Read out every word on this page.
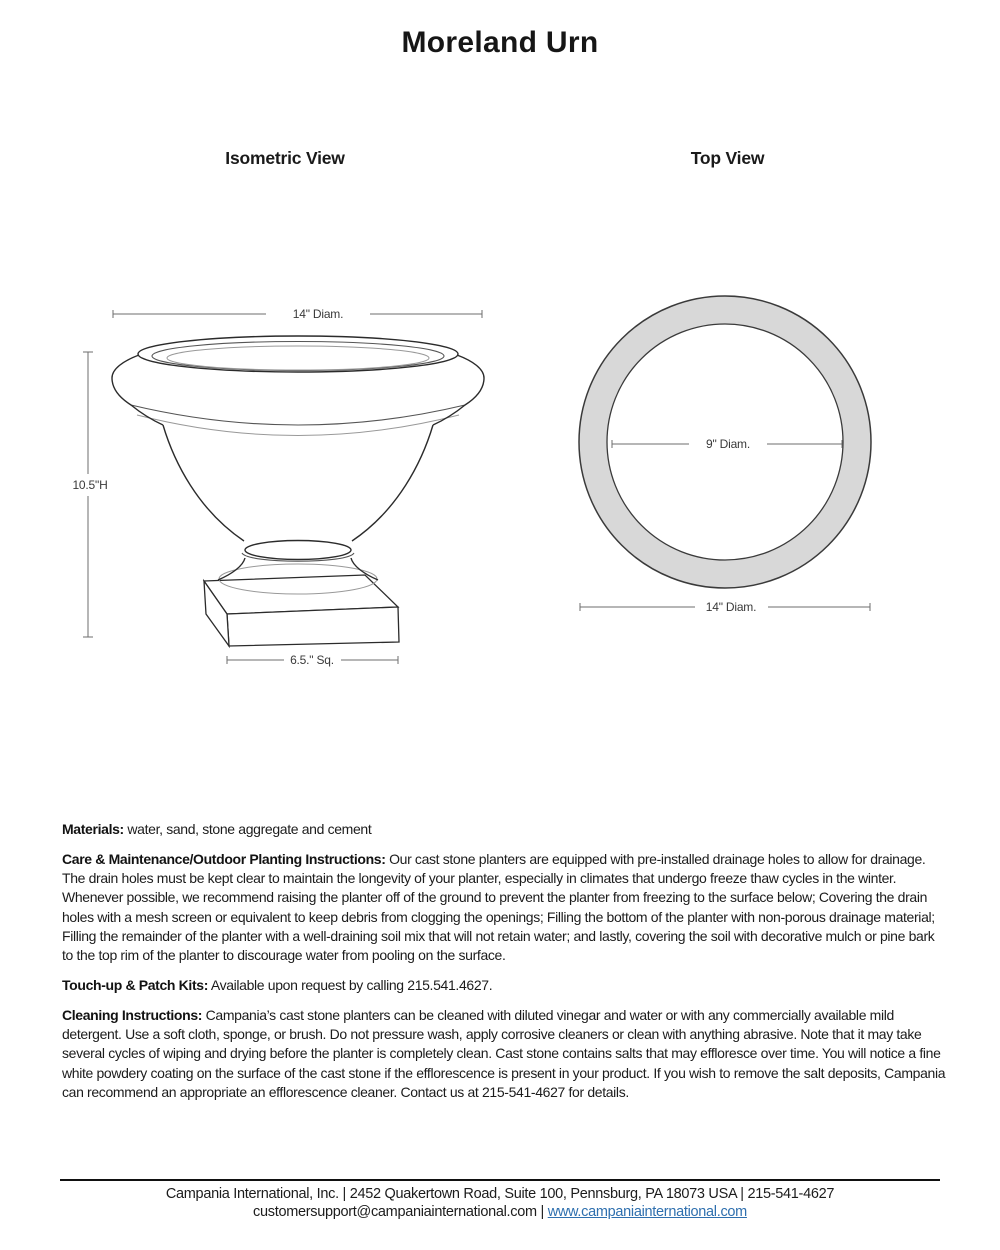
Moreland Urn
Isometric View	Top View
14" Diam.
10.5"H
6.5." Sq.
9" Diam.
14" Diam.

Materials: water, sand, stone aggregate and cement

Care & Maintenance/Outdoor Planting Instructions: Our cast stone planters are equipped with pre-installed drainage holes to allow for drainage. The drain holes must be kept clear to maintain the longevity of your planter, especially in climates that undergo freeze thaw cycles in the winter. Whenever possible, we recommend raising the planter off of the ground to prevent the planter from freezing to the surface below; Covering the drain holes with a mesh screen or equivalent to keep debris from clogging the openings; Filling the bottom of the planter with non-porous drainage material; Filling the remainder of the planter with a well-draining soil mix that will not retain water; and lastly, covering the soil with decorative mulch or pine bark to the top rim of the planter to discourage water from pooling on the surface.

Touch-up & Patch Kits: Available upon request by calling 215.541.4627.

Cleaning Instructions: Campania’s cast stone planters can be cleaned with diluted vinegar and water or with any commercially available mild detergent. Use a soft cloth, sponge, or brush. Do not pressure wash, apply corrosive cleaners or clean with anything abrasive. Note that it may take several cycles of wiping and drying before the planter is completely clean. Cast stone contains salts that may effloresce over time. You will notice a fine white powdery coating on the surface of the cast stone if the efflorescence is present in your product. If you wish to remove the salt deposits, Campania can recommend an appropriate an efflorescence cleaner. Contact us at 215-541-4627 for details.

Campania International, Inc. | 2452 Quakertown Road, Suite 100, Pennsburg, PA 18073 USA | 215-541-4627
customersupport@campaniainternational.com | www.campaniainternational.com
